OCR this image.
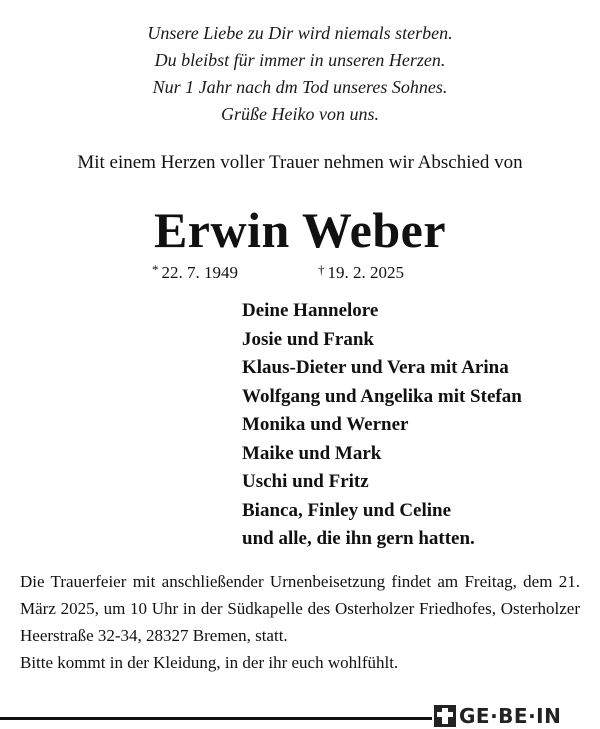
Unsere Liebe zu Dir wird niemals sterben.
Du bleibst für immer in unseren Herzen.
Nur 1 Jahr nach dm Tod unseres Sohnes.
Grüße Heiko von uns.
Mit einem Herzen voller Trauer nehmen wir Abschied von
Erwin Weber
* 22. 7. 1949	† 19. 2. 2025
Deine Hannelore
Josie und Frank
Klaus-Dieter und Vera mit Arina
Wolfgang und Angelika mit Stefan
Monika und Werner
Maike und Mark
Uschi und Fritz
Bianca, Finley und Celine
und alle, die ihn gern hatten.

Die Trauerfeier mit anschließender Urnenbeisetzung findet am Freitag, dem 21. März 2025, um 10 Uhr in der Südkapelle des Osterholzer Friedhofes, Osterholzer Heerstraße 32-34, 28327 Bremen, statt.

Bitte kommt in der Kleidung, in der ihr euch wohlfühlt.

GE·BE·IN
